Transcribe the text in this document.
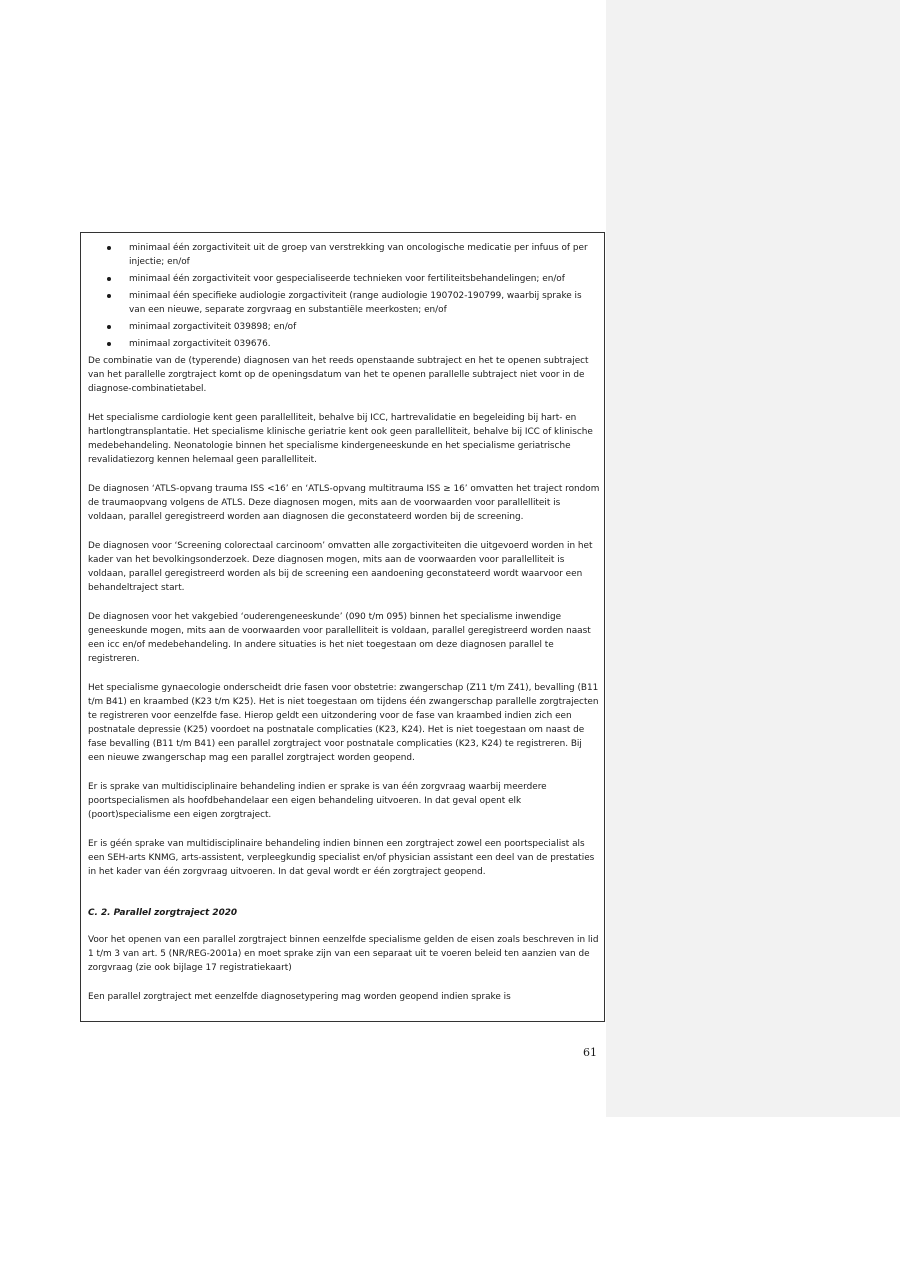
minimaal één zorgactiviteit uit de groep van verstrekking van oncologische medicatie per infuus of per injectie; en/of
minimaal één zorgactiviteit voor gespecialiseerde technieken voor fertiliteitsbehandelingen; en/of
minimaal één specifieke audiologie zorgactiviteit (range audiologie 190702-190799, waarbij sprake is van een nieuwe, separate zorgvraag en substantiële meerkosten; en/of
minimaal zorgactiviteit 039898; en/of
minimaal zorgactiviteit 039676.

De combinatie van de (typerende) diagnosen van het reeds openstaande subtraject en het te openen subtraject van het parallelle zorgtraject komt op de openingsdatum van het te openen parallelle subtraject niet voor in de diagnose-combinatietabel.

Het specialisme cardiologie kent geen parallelliteit, behalve bij ICC, hartrevalidatie en begeleiding bij hart- en hartlongtransplantatie. Het specialisme klinische geriatrie kent ook geen parallelliteit, behalve bij ICC of klinische medebehandeling. Neonatologie binnen het specialisme kindergeneeskunde en het specialisme geriatrische revalidatiezorg kennen helemaal geen parallelliteit.

De diagnosen ‘ATLS-opvang trauma ISS <16’ en ‘ATLS-opvang multitrauma ISS ≥ 16’ omvatten het traject rondom de traumaopvang volgens de ATLS. Deze diagnosen mogen, mits aan de voorwaarden voor parallelliteit is voldaan, parallel geregistreerd worden aan diagnosen die geconstateerd worden bij de screening.

De diagnosen voor ‘Screening colorectaal carcinoom’ omvatten alle zorgactiviteiten die uitgevoerd worden in het kader van het bevolkingsonderzoek. Deze diagnosen mogen, mits aan de voorwaarden voor parallelliteit is voldaan, parallel geregistreerd worden als bij de screening een aandoening geconstateerd wordt waarvoor een behandeltraject start.

De diagnosen voor het vakgebied ‘ouderengeneeskunde’ (090 t/m 095) binnen het specialisme inwendige geneeskunde mogen, mits aan de voorwaarden voor parallelliteit is voldaan, parallel geregistreerd worden naast een icc en/of medebehandeling. In andere situaties is het niet toegestaan om deze diagnosen parallel te registreren.

Het specialisme gynaecologie onderscheidt drie fasen voor obstetrie: zwangerschap (Z11 t/m Z41), bevalling (B11 t/m B41) en kraambed (K23 t/m K25). Het is niet toegestaan om tijdens één zwangerschap parallelle zorgtrajecten te registreren voor eenzelfde fase. Hierop geldt een uitzondering voor de fase van kraambed indien zich een postnatale depressie (K25) voordoet na postnatale complicaties (K23, K24). Het is niet toegestaan om naast de fase bevalling (B11 t/m B41) een parallel zorgtraject voor postnatale complicaties (K23, K24) te registreren. Bij een nieuwe zwangerschap mag een parallel zorgtraject worden geopend.

Er is sprake van multidisciplinaire behandeling indien er sprake is van één zorgvraag waarbij meerdere poortspecialismen als hoofdbehandelaar een eigen behandeling uitvoeren. In dat geval opent elk (poort)specialisme een eigen zorgtraject.

Er is géén sprake van multidisciplinaire behandeling indien binnen een zorgtraject zowel een poortspecialist als een SEH-arts KNMG, arts-assistent, verpleegkundig specialist en/of physician assistant een deel van de prestaties in het kader van één zorgvraag uitvoeren. In dat geval wordt er één zorgtraject geopend.

C. 2. Parallel zorgtraject 2020

Voor het openen van een parallel zorgtraject binnen eenzelfde specialisme gelden de eisen zoals beschreven in lid 1 t/m 3 van art. 5 (NR/REG-2001a) en moet sprake zijn van een separaat uit te voeren beleid ten aanzien van de zorgvraag (zie ook bijlage 17 registratiekaart)

Een parallel zorgtraject met eenzelfde diagnosetypering mag worden geopend indien sprake is

61
